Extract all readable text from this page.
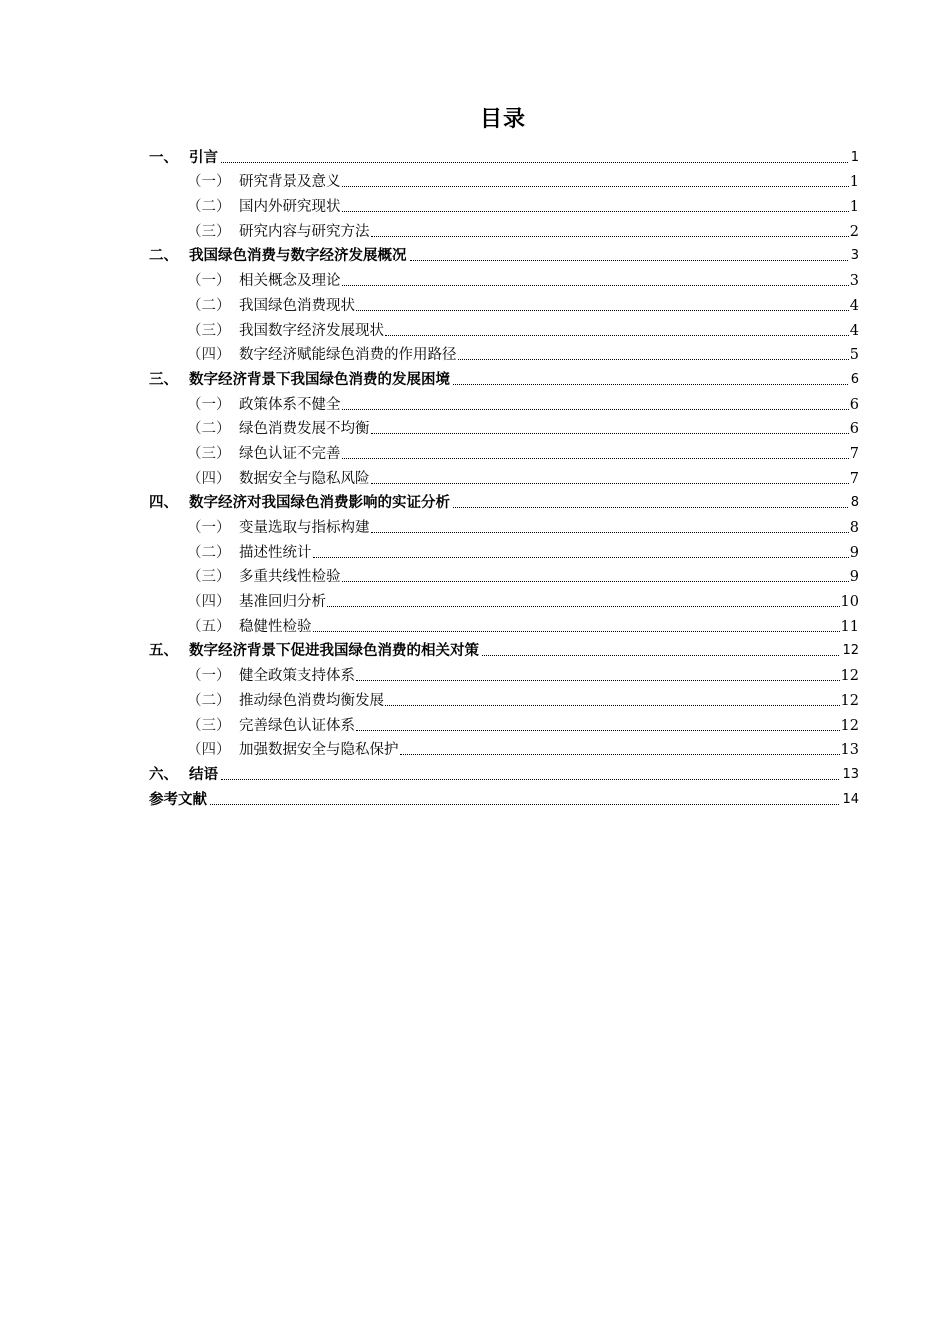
目录
一、 引言	1
（一） 研究背景及意义	1
（二） 国内外研究现状	1
（三） 研究内容与研究方法	2
二、 我国绿色消费与数字经济发展概况	3
（一） 相关概念及理论	3
（二） 我国绿色消费现状	4
（三） 我国数字经济发展现状	4
（四） 数字经济赋能绿色消费的作用路径	5
三、 数字经济背景下我国绿色消费的发展困境	6
（一） 政策体系不健全	6
（二） 绿色消费发展不均衡	6
（三） 绿色认证不完善	7
（四） 数据安全与隐私风险	7
四、 数字经济对我国绿色消费影响的实证分析	8
（一） 变量选取与指标构建	8
（二） 描述性统计	9
（三） 多重共线性检验	9
（四） 基准回归分析	10
（五） 稳健性检验	11
五、 数字经济背景下促进我国绿色消费的相关对策	12
（一） 健全政策支持体系	12
（二） 推动绿色消费均衡发展	12
（三） 完善绿色认证体系	12
（四） 加强数据安全与隐私保护	13
六、 结语	13
参考文献	14
